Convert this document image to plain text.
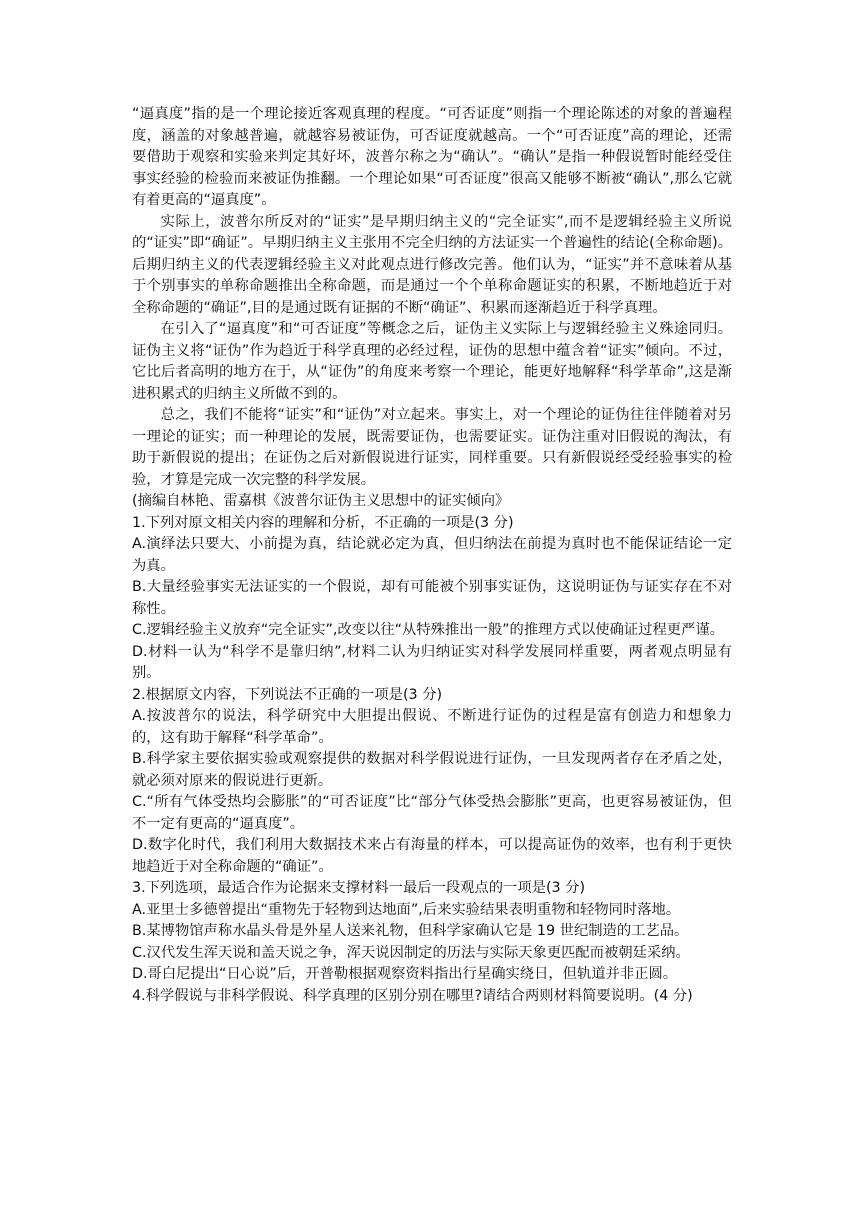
“逼真度”指的是一个理论接近客观真理的程度。“可否证度”则指一个理论陈述的对象的普遍程度，涵盖的对象越普遍，就越容易被证伪，可否证度就越高。一个“可否证度”高的理论，还需要借助于观察和实验来判定其好坏，波普尔称之为“确认”。“确认”是指一种假说暂时能经受住事实经验的检验而来被证伪推翻。一个理论如果“可否证度”很高又能够不断被“确认”,那么它就有着更高的“逼真度”。

实际上，波普尔所反对的“证实”是早期归纳主义的“完全证实”,而不是逻辑经验主义所说的“证实”即“确证”。早期归纳主义主张用不完全归纳的方法证实一个普遍性的结论(全称命题)。后期归纳主义的代表逻辑经验主义对此观点进行修改完善。他们认为，“证实”并不意味着从基于个别事实的单称命题推出全称命题，而是通过一个个单称命题证实的积累，不断地趋近于对全称命题的“确证”,目的是通过既有证据的不断“确证”、积累而逐渐趋近于科学真理。

在引入了“逼真度”和“可否证度”等概念之后，证伪主义实际上与逻辑经验主义殊途同归。证伪主义将“证伪”作为趋近于科学真理的必经过程，证伪的思想中蕴含着“证实”倾向。不过，它比后者高明的地方在于，从“证伪”的角度来考察一个理论，能更好地解释“科学革命”,这是渐进积累式的归纳主义所做不到的。

总之，我们不能将“证实”和“证伪”对立起来。事实上，对一个理论的证伪往往伴随着对另一理论的证实；而一种理论的发展，既需要证伪，也需要证实。证伪注重对旧假说的淘汰，有助于新假说的提出；在证伪之后对新假说进行证实，同样重要。只有新假说经受经验事实的检验，才算是完成一次完整的科学发展。

(摘编自林艳、雷嘉棋《波普尔证伪主义思想中的证实倾向》

1.下列对原文相关内容的理解和分析，不正确的一项是(3 分)

A.演绎法只要大、小前提为真，结论就必定为真，但归纳法在前提为真时也不能保证结论一定为真。

B.大量经验事实无法证实的一个假说，却有可能被个别事实证伪，这说明证伪与证实存在不对称性。

C.逻辑经验主义放弃“完全证实”,改变以往“从特殊推出一般”的推理方式以使确证过程更严谨。

D.材料一认为“科学不是靠归纳”,材料二认为归纳证实对科学发展同样重要，两者观点明显有别。

2.根据原文内容，下列说法不正确的一项是(3 分)

A.按波普尔的说法，科学研究中大胆提出假说、不断进行证伪的过程是富有创造力和想象力的，这有助于解释“科学革命”。

B.科学家主要依据实验或观察提供的数据对科学假说进行证伪，一旦发现两者存在矛盾之处，就必须对原来的假说进行更新。

C.“所有气体受热均会膨胀”的“可否证度”比“部分气体受热会膨胀”更高，也更容易被证伪，但不一定有更高的“逼真度”。

D.数字化时代，我们利用大数据技术来占有海量的样本，可以提高证伪的效率，也有利于更快地趋近于对全称命题的“确证”。

3.下列选项，最适合作为论据来支撑材料一最后一段观点的一项是(3 分)

A.亚里士多德曾提出“重物先于轻物到达地面”,后来实验结果表明重物和轻物同时落地。

B.某博物馆声称水晶头骨是外星人送来礼物，但科学家确认它是 19 世纪制造的工艺品。

C.汉代发生浑天说和盖天说之争，浑天说因制定的历法与实际天象更匹配而被朝廷采纳。

D.哥白尼提出“日心说”后，开普勒根据观察资料指出行星确实绕日，但轨道并非正圆。

4.科学假说与非科学假说、科学真理的区别分别在哪里?请结合两则材料简要说明。(4 分)
